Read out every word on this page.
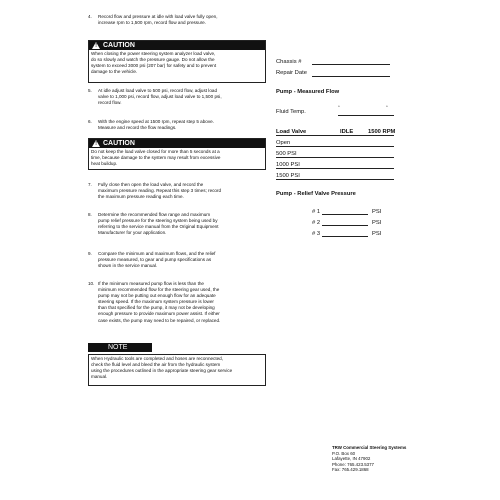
4. Record flow and pressure at idle with load valve fully open,
increase rpm to 1,500 rpm, record flow and pressure.
! CAUTION
When closing the power steering system analyzer load valve,
do so slowly and watch the pressure gauge. Do not allow the
system to exceed 3000 psi (207 bar) for safety and to prevent
damage to the vehicle.
5. At idle adjust load valve to 500 psi, record flow, adjust load
valve to 1,000 psi, record flow, adjust load valve to 1,500 psi,
record flow.
6. With the engine speed at 1500 rpm, repeat step 5 above.
Measure and record the flow readings.
! CAUTION
Do not keep the load valve closed for more than 5 seconds at a
time, because damage to the system may result from excessive
heat buildup.
7. Fully close then open the load valve, and record the
maximum pressure reading. Repeat this step 3 times; record
the maximum pressure reading each time.
8. Determine the recommended flow range and maximum
pump relief pressure for the steering system being used by
referring to the service manual from the Original Equipment
Manufacturer for your application.
9. Compare the minimum and maximum flows, and the relief
pressure measured, to gear and pump specifications as
shown in the service manual.
10. If the minimum measured pump flow is less than the
minimum recommended flow for the steering gear used, the
pump may not be putting out enough flow for an adequate
steering speed. If the maximum system pressure is lower
than that specified for the pump, it may not be developing
enough pressure to provide maximum power assist. If either
case exists, the pump may need to be repaired, or replaced.
NOTE
When Hydraulic tools are completed and hoses are reconnected,
check the fluid level and bleed the air from the hydraulic system
using the procedures outlined in the appropriate steering gear service
manual.
Chassis #
Repair Date
Pump - Measured Flow
Fluid Temp.
°	°
Load Valve	IDLE	1500 RPM
Open
500 PSI
1000 PSI
1500 PSI
Pump - Relief Valve Pressure
# 1	PSI
# 2	PSI
# 3	PSI
TRW Commercial Steering Systems
P.O. Box 60
Lafayette, IN 47902
Phone: 765.423.5377
Fax: 765.429.1868
